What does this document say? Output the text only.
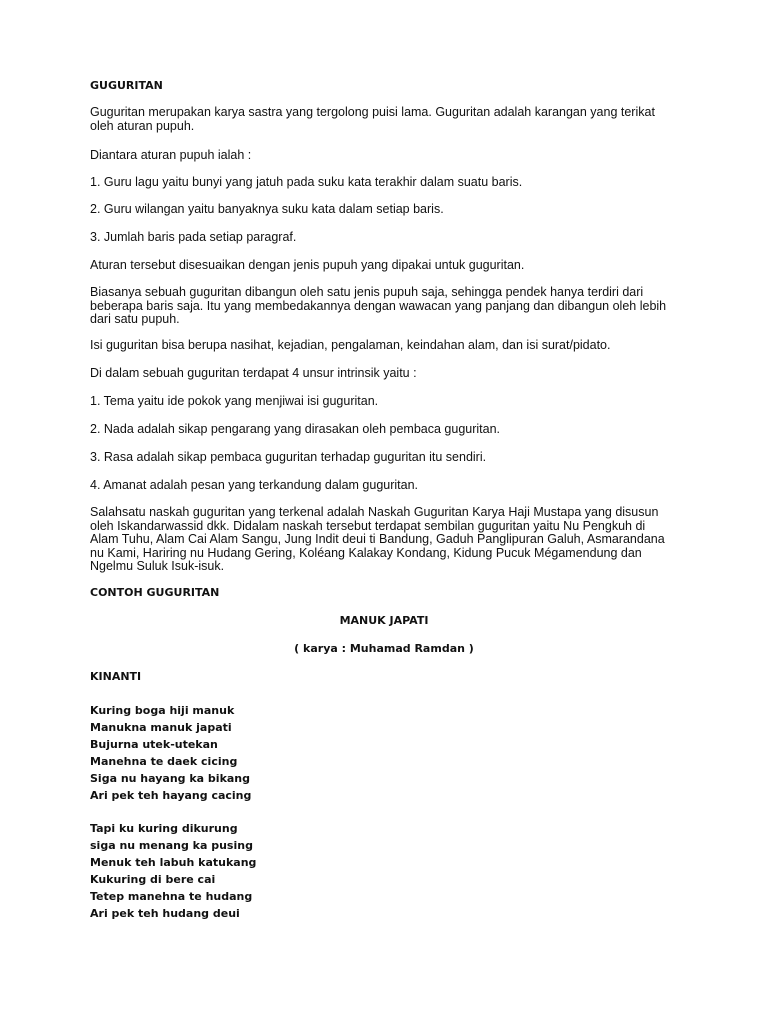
GUGURITAN

Guguritan merupakan karya sastra yang tergolong puisi lama. Guguritan adalah karangan yang terikat
oleh aturan pupuh.

Diantara aturan pupuh ialah :

1. Guru lagu yaitu bunyi yang jatuh pada suku kata terakhir dalam suatu baris.

2. Guru wilangan yaitu banyaknya suku kata dalam setiap baris.

3. Jumlah baris pada setiap paragraf.

Aturan tersebut disesuaikan dengan jenis pupuh yang dipakai untuk guguritan.

Biasanya sebuah guguritan dibangun oleh satu jenis pupuh saja, sehingga pendek hanya terdiri dari
beberapa baris saja. Itu yang membedakannya dengan wawacan yang panjang dan dibangun oleh lebih
dari satu pupuh.

Isi guguritan bisa berupa nasihat, kejadian, pengalaman, keindahan alam, dan isi surat/pidato.

Di dalam sebuah guguritan terdapat 4 unsur intrinsik yaitu :

1. Tema yaitu ide pokok yang menjiwai isi guguritan.

2. Nada adalah sikap pengarang yang dirasakan oleh pembaca guguritan.

3. Rasa adalah sikap pembaca guguritan terhadap guguritan itu sendiri.

4. Amanat adalah pesan yang terkandung dalam guguritan.

Salahsatu naskah guguritan yang terkenal adalah Naskah Guguritan Karya Haji Mustapa yang disusun
oleh Iskandarwassid dkk. Didalam naskah tersebut terdapat sembilan guguritan yaitu Nu Pengkuh di
Alam Tuhu, Alam Cai Alam Sangu, Jung Indit deui ti Bandung, Gaduh Panglipuran Galuh, Asmarandana
nu Kami, Hariring nu Hudang Gering, Koléang Kalakay Kondang, Kidung Pucuk Mégamendung dan
Ngelmu Suluk Isuk-isuk.

CONTOH GUGURITAN

MANUK JAPATI

( karya : Muhamad Ramdan )

KINANTI

Kuring boga hiji manuk
Manukna manuk japati
Bujurna utek-utekan
Manehna te daek cicing
Siga nu hayang ka bikang
Ari pek teh hayang cacing
Tapi ku kuring dikurung
siga nu menang ka pusing
Menuk teh labuh katukang
Kukuring di bere cai
Tetep manehna te hudang
Ari pek teh hudang deui
